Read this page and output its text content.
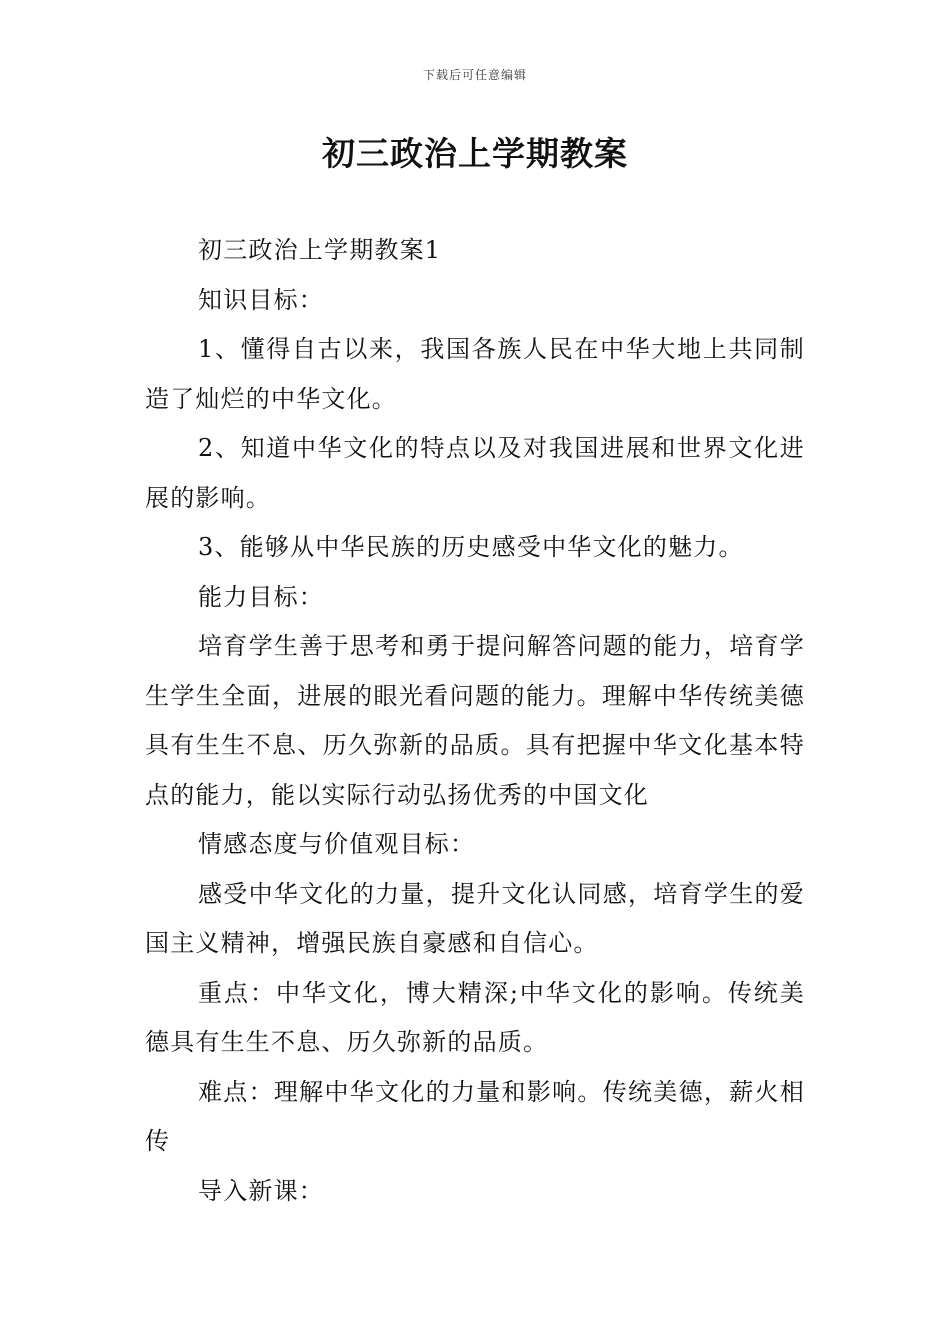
下载后可任意编辑
初三政治上学期教案

初三政治上学期教案1

知识目标：

1、懂得自古以来，我国各族人民在中华大地上共同制造了灿烂的中华文化。

2、知道中华文化的特点以及对我国进展和世界文化进展的影响。

3、能够从中华民族的历史感受中华文化的魅力。

能力目标：

培育学生善于思考和勇于提问解答问题的能力，培育学生学生全面，进展的眼光看问题的能力。理解中华传统美德具有生生不息、历久弥新的品质。具有把握中华文化基本特点的能力，能以实际行动弘扬优秀的中国文化

情感态度与价值观目标：

感受中华文化的力量，提升文化认同感，培育学生的爱国主义精神，增强民族自豪感和自信心。

重点：中华文化，博大精深;中华文化的影响。传统美德具有生生不息、历久弥新的品质。

难点：理解中华文化的力量和影响。传统美德，薪火相传

导入新课：
